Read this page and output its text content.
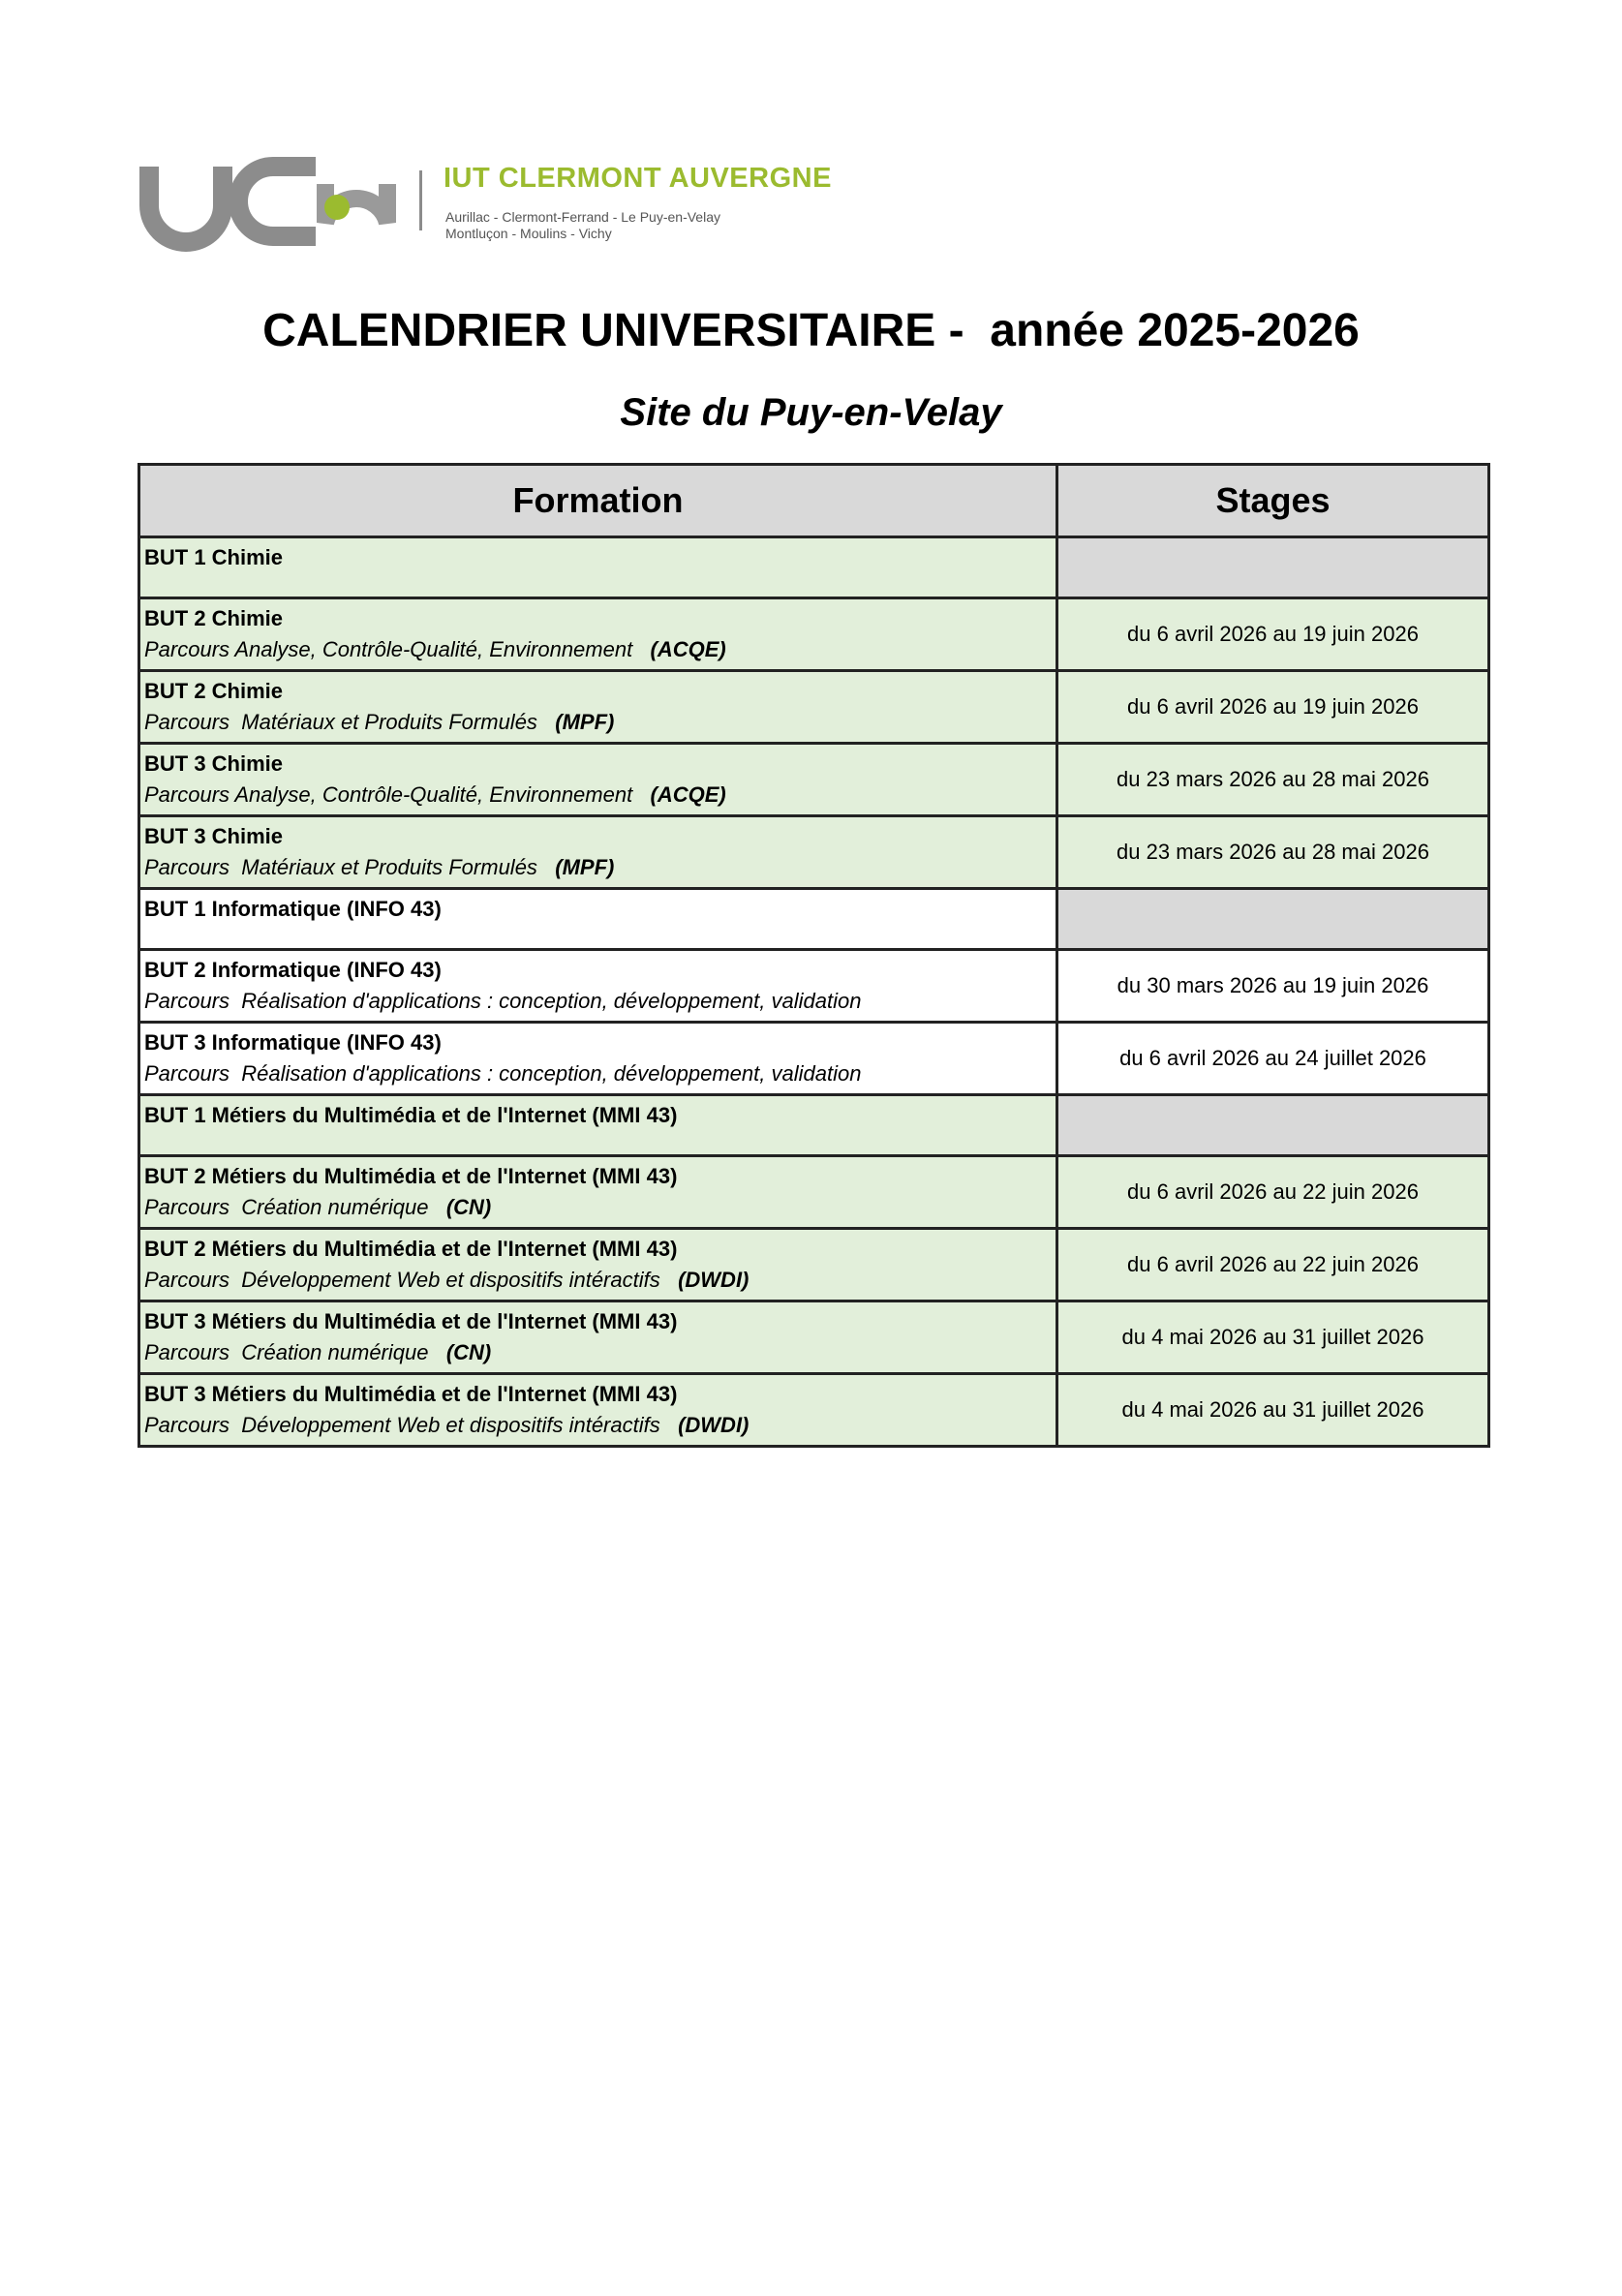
IUT CLERMONT AUVERGNE
Aurillac - Clermont-Ferrand - Le Puy-en-Velay
Montluçon - Moulins - Vichy
CALENDRIER UNIVERSITAIRE -  année 2025-2026
Site du Puy-en-Velay
Formation	Stages

BUT 1 Chimie	

BUT 2 Chimie
Parcours Analyse, Contrôle-Qualité, Environnement   (ACQE)	du 6 avril 2026 au 19 juin 2026

BUT 2 Chimie
Parcours  Matériaux et Produits Formulés   (MPF)	du 6 avril 2026 au 19 juin 2026

BUT 3 Chimie
Parcours Analyse, Contrôle-Qualité, Environnement   (ACQE)	du 23 mars 2026 au 28 mai 2026

BUT 3 Chimie
Parcours  Matériaux et Produits Formulés   (MPF)	du 23 mars 2026 au 28 mai 2026

BUT 1 Informatique (INFO 43)	

BUT 2 Informatique (INFO 43)
Parcours  Réalisation d'applications : conception, développement, validation	du 30 mars 2026 au 19 juin 2026

BUT 3 Informatique (INFO 43)
Parcours  Réalisation d'applications : conception, développement, validation	du 6 avril 2026 au 24 juillet 2026

BUT 1 Métiers du Multimédia et de l'Internet (MMI 43)	

BUT 2 Métiers du Multimédia et de l'Internet (MMI 43)
Parcours  Création numérique   (CN)	du 6 avril 2026 au 22 juin 2026

BUT 2 Métiers du Multimédia et de l'Internet (MMI 43)
Parcours  Développement Web et dispositifs intéractifs   (DWDI)	du 6 avril 2026 au 22 juin 2026

BUT 3 Métiers du Multimédia et de l'Internet (MMI 43)
Parcours  Création numérique   (CN)	du 4 mai 2026 au 31 juillet 2026

BUT 3 Métiers du Multimédia et de l'Internet (MMI 43)
Parcours  Développement Web et dispositifs intéractifs   (DWDI)	du 4 mai 2026 au 31 juillet 2026
